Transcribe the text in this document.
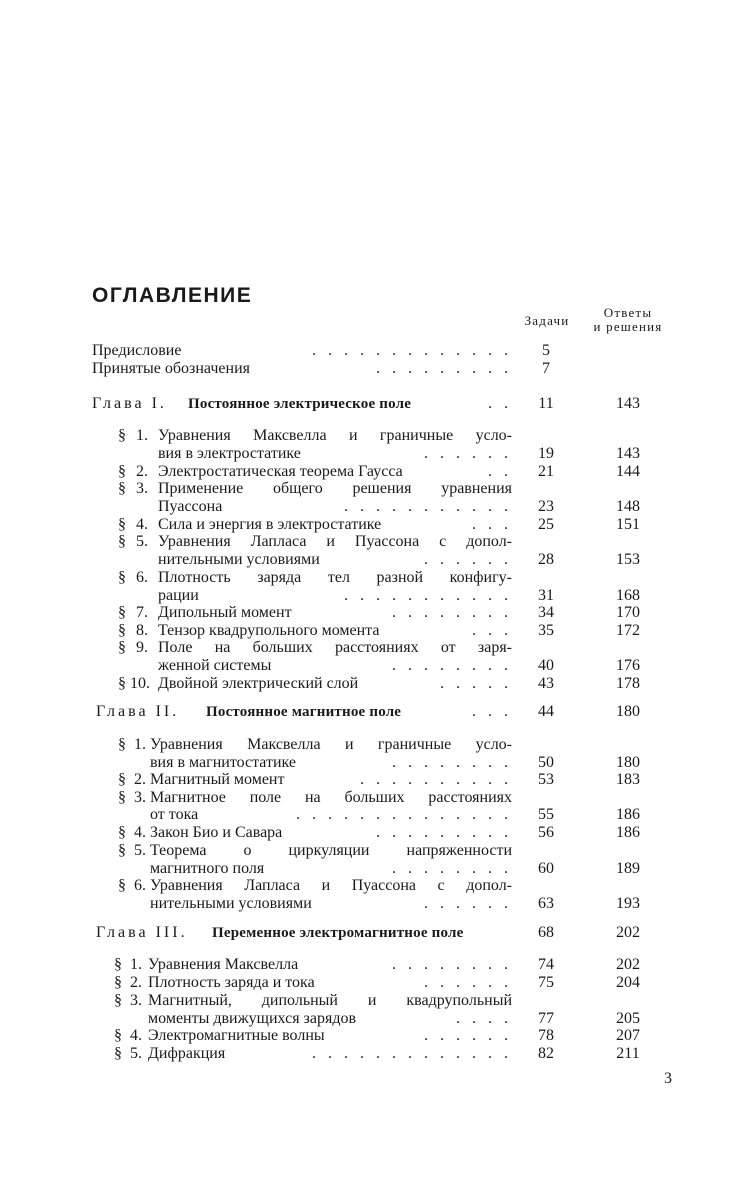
ОГЛАВЛЕНИЕ
Задачи
Ответы
и решения
Предисловие	. . . . . . . . . . . . .	5
Принятые обозначения	. . . . . . . . .	7
Глава I. Постоянное электрическое поле	. .	11	143
§ 1. Уравнения Максвелла и граничные усло-
вия в электростатике	. . . . . .	19	143
§ 2. Электростатическая теорема Гаусса	. .	21	144
§ 3. Применение общего решения уравнения
Пуассона	. . . . . . . . . . .	23	148
§ 4. Сила и энергия в электростатике	. . .	25	151
§ 5. Уравнения Лапласа и Пуассона с допол-
нительными условиями	. . . . . .	28	153
§ 6. Плотность заряда тел разной конфигу-
рации	. . . . . . . . . . .	31	168
§ 7. Дипольный момент	. . . . . . . .	34	170
§ 8. Тензор квадрупольного момента	. . .	35	172
§ 9. Поле на больших расстояниях от заря-
женной системы	. . . . . . . .	40	176
§ 10. Двойной электрический слой	. . . . .	43	178
Глава II. Постоянное магнитное поле	. . .	44	180
§ 1. Уравнения Максвелла и граничные усло-
вия в магнитостатике	. . . . . . . .	50	180
§ 2. Магнитный момент	. . . . . . . . . .	53	183
§ 3. Магнитное поле на больших расстояниях
от тока	. . . . . . . . . . . . . .	55	186
§ 4. Закон Био и Савара	. . . . . . . . .	56	186
§ 5. Теорема о циркуляции напряженности
магнитного поля	. . . . . . . .	60	189
§ 6. Уравнения Лапласа и Пуассона с допол-
нительными условиями	. . . . . .	63	193
Глава III. Переменное электромагнитное поле	68	202
§ 1. Уравнения Максвелла	. . . . . . . .	74	202
§ 2. Плотность заряда и тока	. . . . . .	75	204
§ 3. Магнитный, дипольный и квадрупольный
моменты движущихся зарядов	. . . .	77	205
§ 4. Электромагнитные волны	. . . . . .	78	207
§ 5. Дифракция	. . . . . . . . . . . . .	82	211
3
